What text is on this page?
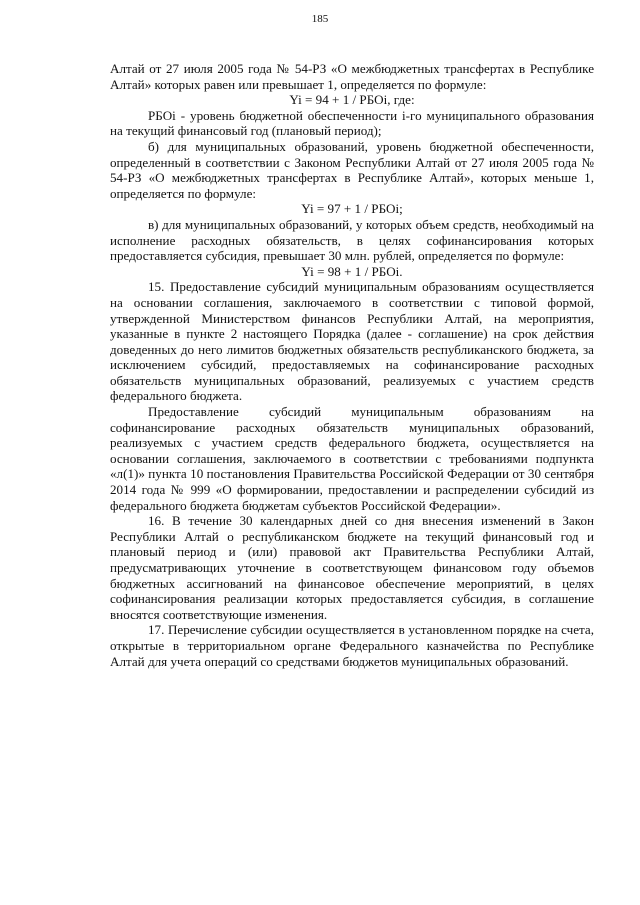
185

Алтай от 27 июля 2005 года № 54-РЗ «О межбюджетных трансфертах в Республике Алтай» которых равен или превышает 1, определяется по формуле:

Yi = 94 + 1 / РБОi, где:

РБОi - уровень бюджетной обеспеченности i-го муниципального образования на текущий финансовый год (плановый период);

б) для муниципальных образований, уровень бюджетной обеспеченности, определенный в соответствии с Законом Республики Алтай от 27 июля 2005 года № 54-РЗ «О межбюджетных трансфертах в Республике Алтай», которых меньше 1, определяется по формуле:

Yi = 97 + 1 / РБОi;

в) для муниципальных образований, у которых объем средств, необходимый на исполнение расходных обязательств, в целях софинансирования которых предоставляется субсидия, превышает 30 млн. рублей, определяется по формуле:

Yi = 98 + 1 / РБОi.

15. Предоставление субсидий муниципальным образованиям осуществляется на основании соглашения, заключаемого в соответствии с типовой формой, утвержденной Министерством финансов Республики Алтай, на мероприятия, указанные в пункте 2 настоящего Порядка (далее - соглашение) на срок действия доведенных до него лимитов бюджетных обязательств республиканского бюджета, за исключением субсидий, предоставляемых на софинансирование расходных обязательств муниципальных образований, реализуемых с участием средств федерального бюджета.

Предоставление субсидий муниципальным образованиям на софинансирование расходных обязательств муниципальных образований, реализуемых с участием средств федерального бюджета, осуществляется на основании соглашения, заключаемого в соответствии с требованиями подпункта «л(1)» пункта 10 постановления Правительства Российской Федерации от 30 сентября 2014 года № 999 «О формировании, предоставлении и распределении субсидий из федерального бюджета бюджетам субъектов Российской Федерации».

16. В течение 30 календарных дней со дня внесения изменений в Закон Республики Алтай о республиканском бюджете на текущий финансовый год и плановый период и (или) правовой акт Правительства Республики Алтай, предусматривающих уточнение в соответствующем финансовом году объемов бюджетных ассигнований на финансовое обеспечение мероприятий, в целях софинансирования реализации которых предоставляется субсидия, в соглашение вносятся соответствующие изменения.

17. Перечисление субсидии осуществляется в установленном порядке на счета, открытые в территориальном органе Федерального казначейства по Республике Алтай для учета операций со средствами бюджетов муниципальных образований.
